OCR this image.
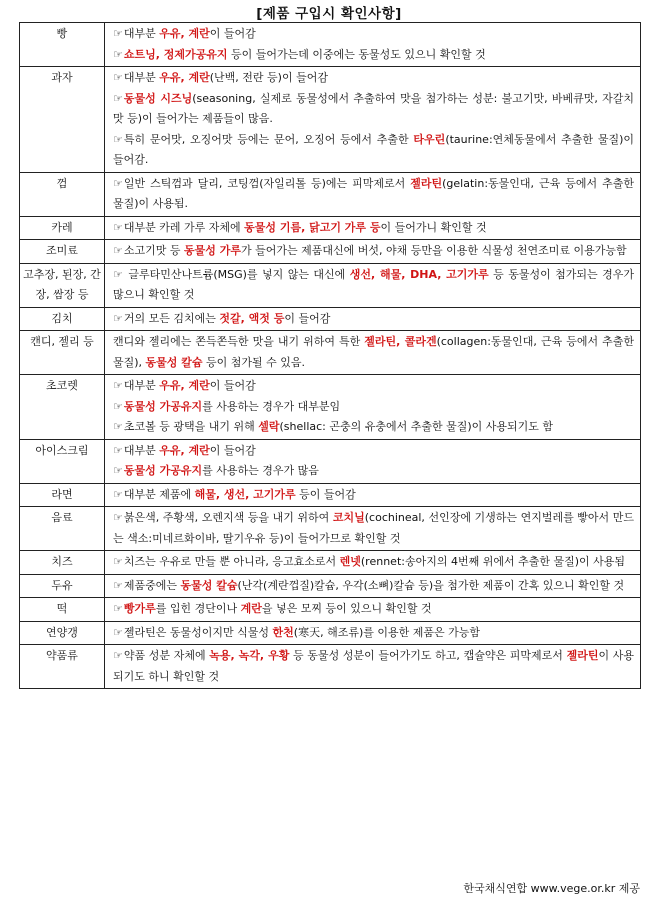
[제품 구입시 확인사항]
빵	☞대부분 우유, 계란이 들어감
☞쇼트닝, 정제가공유지 등이 들어가는데 이중에는 동물성도 있으니 확인할 것

과자	☞대부분 우유, 계란(난백, 전란 등)이 들어감
☞동물성 시즈닝(seasoning, 실제로 동물성에서 추출하여 맛을 첨가하는 성분: 불고기맛, 바베큐맛, 자갈치맛 등)이 들어가는 제품들이 많음.
☞특히 문어맛, 오징어맛 등에는 문어, 오징어 등에서 추출한 타우린(taurine:연체동물에서 추출한 물질)이 들어감.

껌	☞일반 스틱껌과 달리, 코팅껌(자일리톨 등)에는 피막제로서 젤라틴(gelatin:동물인대, 근육 등에서 추출한 물질)이 사용됨.

카레	☞대부분 카레 가루 자체에 동물성 기름, 닭고기 가루 등이 들어가니 확인할 것

조미료	☞소고기맛 등 동물성 가루가 들어가는 제품대신에 버섯, 야채 등만을 이용한 식물성 천연조미료 이용가능함

고추장, 된장, 간장, 쌈장 등	☞ 글루타민산나트륨(MSG)를 넣지 않는 대신에 생선, 해물, DHA, 고기가루 등 동물성이 첨가되는 경우가 많으니 확인할 것

김치	☞거의 모든 김치에는 젓갈, 액젓 등이 들어감

캔디, 젤리 등	캔디와 젤리에는 쫀득쫀득한 맛을 내기 위하여 특한 젤라틴, 콜라겐(collagen:동물인대, 근육 등에서 추출한 물질), 동물성 칼슘 등이 첨가될 수 있음.

초코렛	☞대부분 우유, 계란이 들어감
☞동물성 가공유지를 사용하는 경우가 대부분임
☞초코볼 등 광택을 내기 위해 셀락(shellac: 곤충의 유충에서 추출한 물질)이 사용되기도 함

아이스크림	☞대부분 우유, 계란이 들어감
☞동물성 가공유지를 사용하는 경우가 많음

라면	☞대부분 제품에 해물, 생선, 고기가루 등이 들어감

음료	☞붉은색, 주황색, 오렌지색 등을 내기 위하여 코치닐(cochineal, 선인장에 기생하는 연지벌레를 빻아서 만드는 색소:미네르화이바, 딸기우유 등)이 들어가므로 확인할 것

치즈	☞치즈는 우유로 만들 뿐 아니라, 응고효소로서 렌넷(rennet:송아지의 4번째 위에서 추출한 물질)이 사용됨

두유	☞제품중에는 동물성 칼슘(난각(계란껍질)칼슘, 우각(소뼈)칼슘 등)을 첨가한 제품이 간혹 있으니 확인할 것

떡	☞빵가루를 입힌 경단이나 계란을 넣은 모찌 등이 있으니 확인할 것

연양갱	☞젤라틴은 동물성이지만 식물성 한천(寒天, 해조류)를 이용한 제품은 가능함

약품류	☞약품 성분 자체에 녹용, 녹각, 우황 등 동물성 성분이 들어가기도 하고, 캡슐약은 피막제로서 젤라틴이 사용되기도 하니 확인할 것
한국채식연합 www.vege.or.kr 제공
